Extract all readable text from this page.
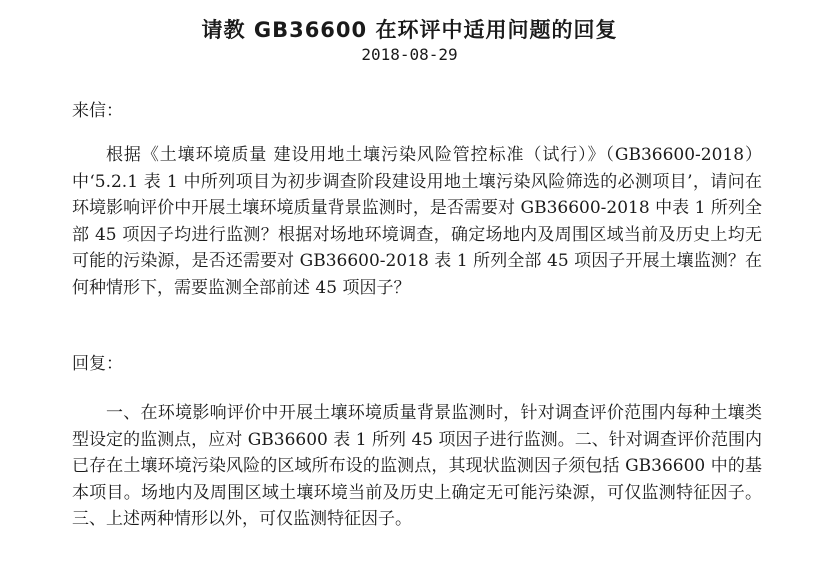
请教 GB36600 在环评中适用问题的回复
2018-08-29
来信：
根据《土壤环境质量 建设用地土壤污染风险管控标准（试行）》（GB36600-2018）中‘5.2.1 表 1 中所列项目为初步调查阶段建设用地土壤污染风险筛选的必测项目’，请问在环境影响评价中开展土壤环境质量背景监测时，是否需要对 GB36600-2018 中表 1 所列全部 45 项因子均进行监测？根据对场地环境调查，确定场地内及周围区域当前及历史上均无可能的污染源，是否还需要对 GB36600-2018 表 1 所列全部 45 项因子开展土壤监测？在何种情形下，需要监测全部前述 45 项因子？
回复：
一、在环境影响评价中开展土壤环境质量背景监测时，针对调查评价范围内每种土壤类型设定的监测点，应对 GB36600 表 1 所列 45 项因子进行监测。二、针对调查评价范围内已存在土壤环境污染风险的区域所布设的监测点，其现状监测因子须包括 GB36600 中的基本项目。场地内及周围区域土壤环境当前及历史上确定无可能污染源，可仅监测特征因子。三、上述两种情形以外，可仅监测特征因子。
